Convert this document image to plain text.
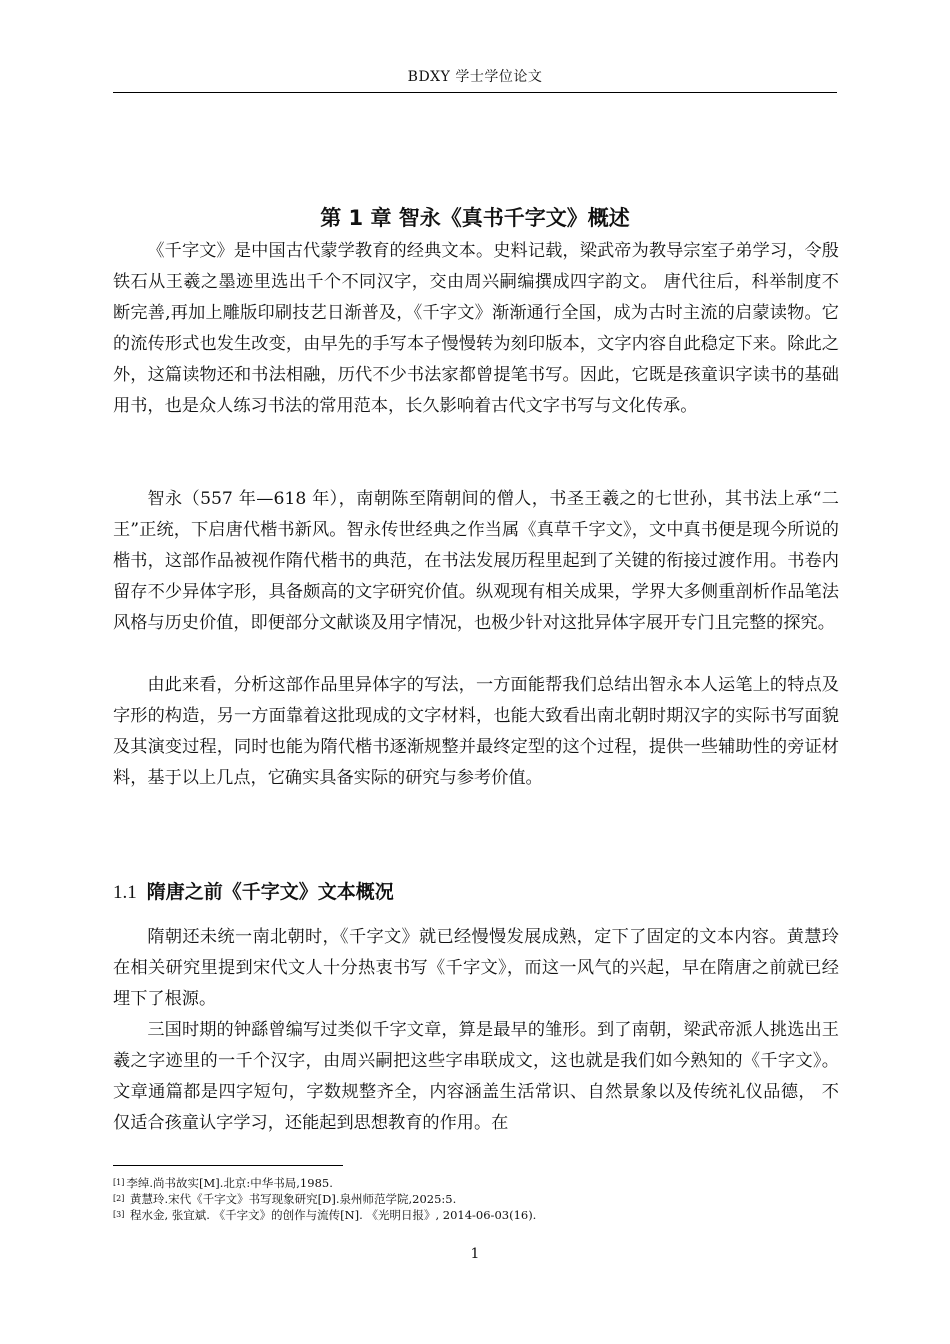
BDXY 学士学位论文
第 1 章 智永《真书千字文》概述

《千字文》是中国古代蒙学教育的经典文本。史料记载，梁武帝为教导宗室子弟学习，令殷铁石从王羲之墨迹里选出千个不同汉字，交由周兴嗣编撰成四字韵文。 唐代往后，科举制度不断完善,再加上雕版印刷技艺日渐普及，《千字文》渐渐通行全国，成为古时主流的启蒙读物。它的流传形式也发生改变，由早先的手写本子慢慢转为刻印版本，文字内容自此稳定下来。除此之外，这篇读物还和书法相融，历代不少书法家都曾提笔书写。因此，它既是孩童识字读书的基础用书，也是众人练习书法的常用范本，长久影响着古代文字书写与文化传承。

智永（557 年—618 年），南朝陈至隋朝间的僧人，书圣王羲之的七世孙，其书法上承“二王”正统，下启唐代楷书新风。智永传世经典之作当属《真草千字文》，文中真书便是现今所说的楷书，这部作品被视作隋代楷书的典范，在书法发展历程里起到了关键的衔接过渡作用。书卷内留存不少异体字形，具备颇高的文字研究价值。纵观现有相关成果，学界大多侧重剖析作品笔法风格与历史价值，即便部分文献谈及用字情况，也极少针对这批异体字展开专门且完整的探究。

由此来看，分析这部作品里异体字的写法，一方面能帮我们总结出智永本人运笔上的特点及字形的构造，另一方面靠着这批现成的文字材料，也能大致看出南北朝时期汉字的实际书写面貌及其演变过程，同时也能为隋代楷书逐渐规整并最终定型的这个过程，提供一些辅助性的旁证材料，基于以上几点，它确实具备实际的研究与参考价值。

1.1 隋唐之前《千字文》文本概况

隋朝还未统一南北朝时，《千字文》就已经慢慢发展成熟，定下了固定的文本内容。黄慧玲在相关研究里提到宋代文人十分热衷书写《千字文》，而这一风气的兴起，早在隋唐之前就已经埋下了根源。

三国时期的钟繇曾编写过类似千字文章，算是最早的雏形。到了南朝，梁武帝派人挑选出王羲之字迹里的一千个汉字，由周兴嗣把这些字串联成文，这也就是我们如今熟知的《千字文》。文章通篇都是四字短句，字数规整齐全，内容涵盖生活常识、自然景象以及传统礼仪品德， 不仅适合孩童认字学习，还能起到思想教育的作用。在

[1] 李绰.尚书故实[M].北京:中华书局,1985.
[2] 黄慧玲.宋代《千字文》书写现象研究[D].泉州师范学院,2025:5.
[3] 程水金, 张宜斌. 《千字文》的创作与流传[N]. 《光明日报》, 2014-06-03(16).
1
